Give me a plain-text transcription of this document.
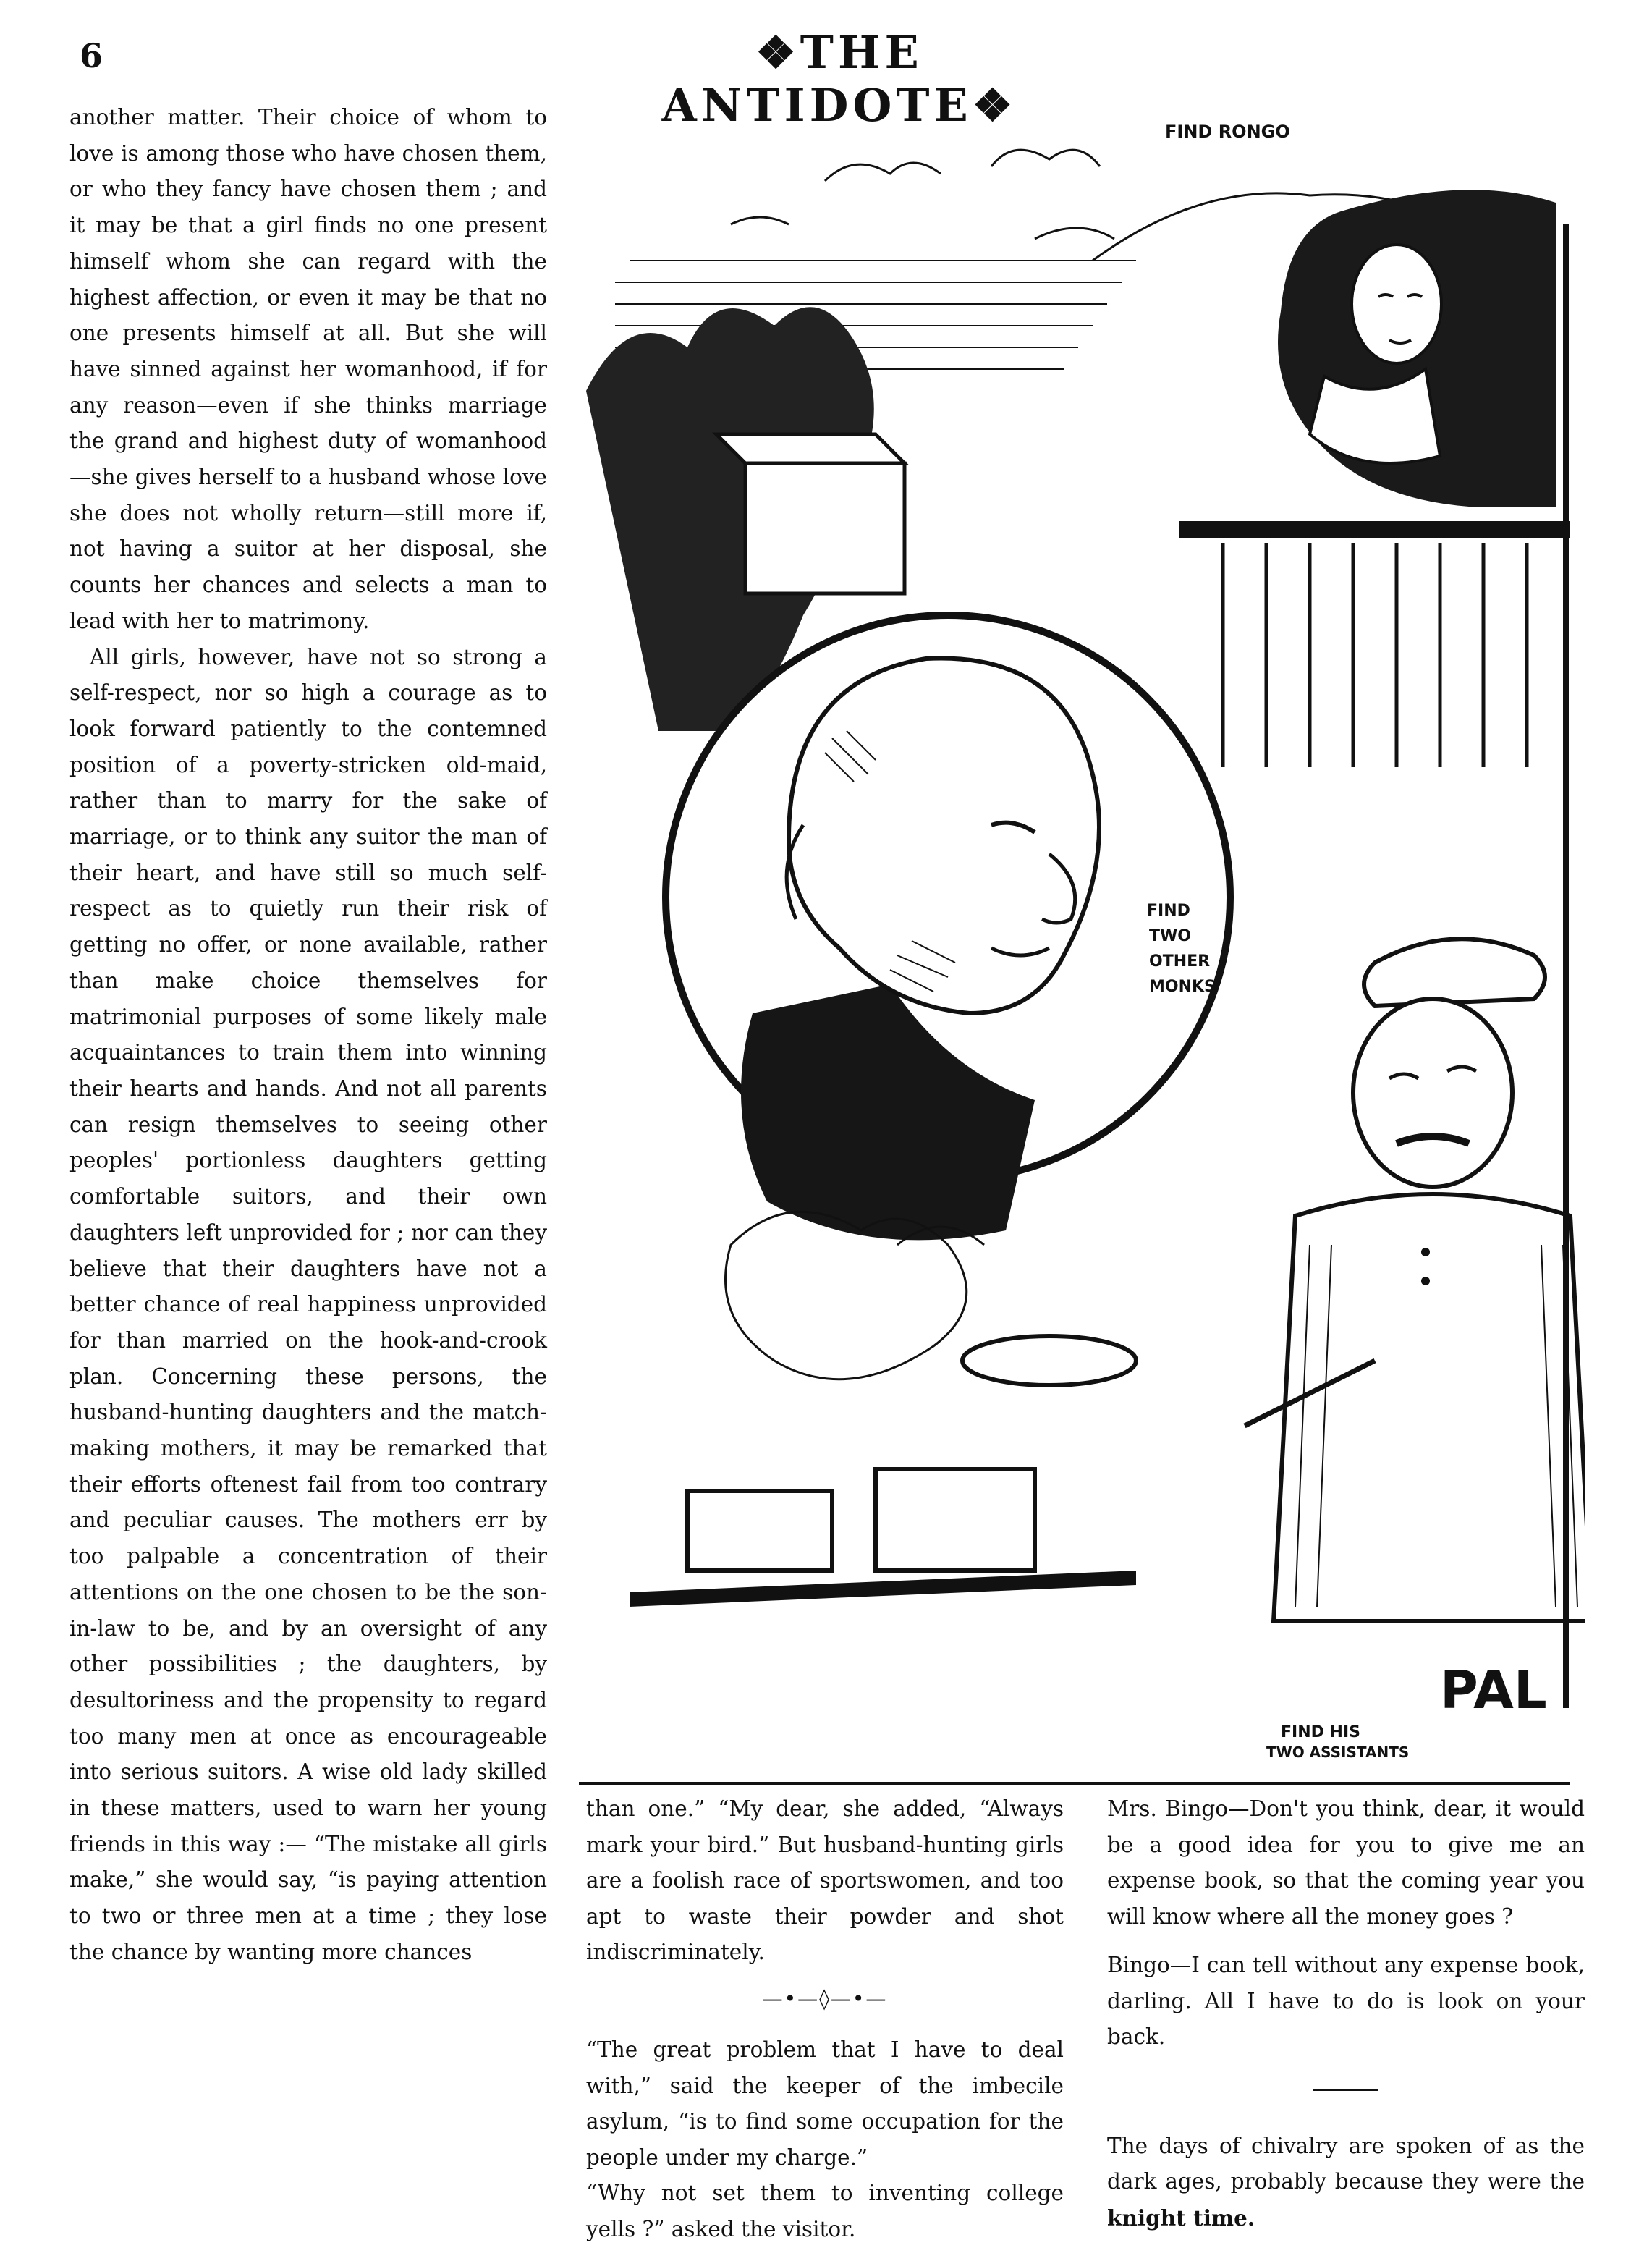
6	❖THE ANTIDOTE❖

another matter. Their choice of whom to love is among those who have chosen them, or who they fancy have chosen them ; and it may be that a girl finds no one present himself whom she can regard with the highest affection, or even it may be that no one presents himself at all. But she will have sinned against her womanhood, if for any reason—even if she thinks marriage the grand and highest duty of womanhood —she gives herself to a husband whose love she does not wholly return—still more if, not having a suitor at her disposal, she counts her chances and selects a man to lead with her to matrimony.

All girls, however, have not so strong a self-respect, nor so high a courage as to look forward patiently to the contemned position of a poverty-stricken old-maid, rather than to marry for the sake of marriage, or to think any suitor the man of their heart, and have still so much self-respect as to quietly run their risk of getting no offer, or none available, rather than make choice themselves for matrimonial purposes of some likely male acquaintances to train them into winning their hearts and hands. And not all parents can resign themselves to seeing other peoples' portionless daughters getting comfortable suitors, and their own daughters left unprovided for ; nor can they believe that their daughters have not a better chance of real happiness unprovided for than married on the hook-and-crook plan. Concerning these persons, the husband-hunting daughters and the match-making mothers, it may be remarked that their efforts oftenest fail from too contrary and peculiar causes. The mothers err by too palpable a concentration of their attentions on the one chosen to be the son-in-law to be, and by an oversight of any other possibilities ; the daughters, by desultoriness and the propensity to regard too many men at once as encourageable into serious suitors. A wise old lady skilled in these matters, used to warn her young friends in this way :— “The mistake all girls make,” she would say, “is paying attention to two or three men at a time ; they lose the chance by wanting more chances

FIND RONGO
FIND
TWO
OTHER
MONKS
FIND HIS
TWO ASSISTANTS
PAL

than one.” “My dear, she added, “Always mark your bird.” But husband-hunting girls are a foolish race of sportswomen, and too apt to waste their powder and shot indiscriminately.

—•—◊—•—

“The great problem that I have to deal with,” said the keeper of the imbecile asylum, “is to find some occupation for the people under my charge.”

“Why not set them to inventing college yells ?” asked the visitor.

Mrs. Bingo—Don't you think, dear, it would be a good idea for you to give me an expense book, so that the coming year you will know where all the money goes ?

Bingo—I can tell without any expense book, darling. All I have to do is look on your back.

The days of chivalry are spoken of as the dark ages, probably because they were the knight time.
